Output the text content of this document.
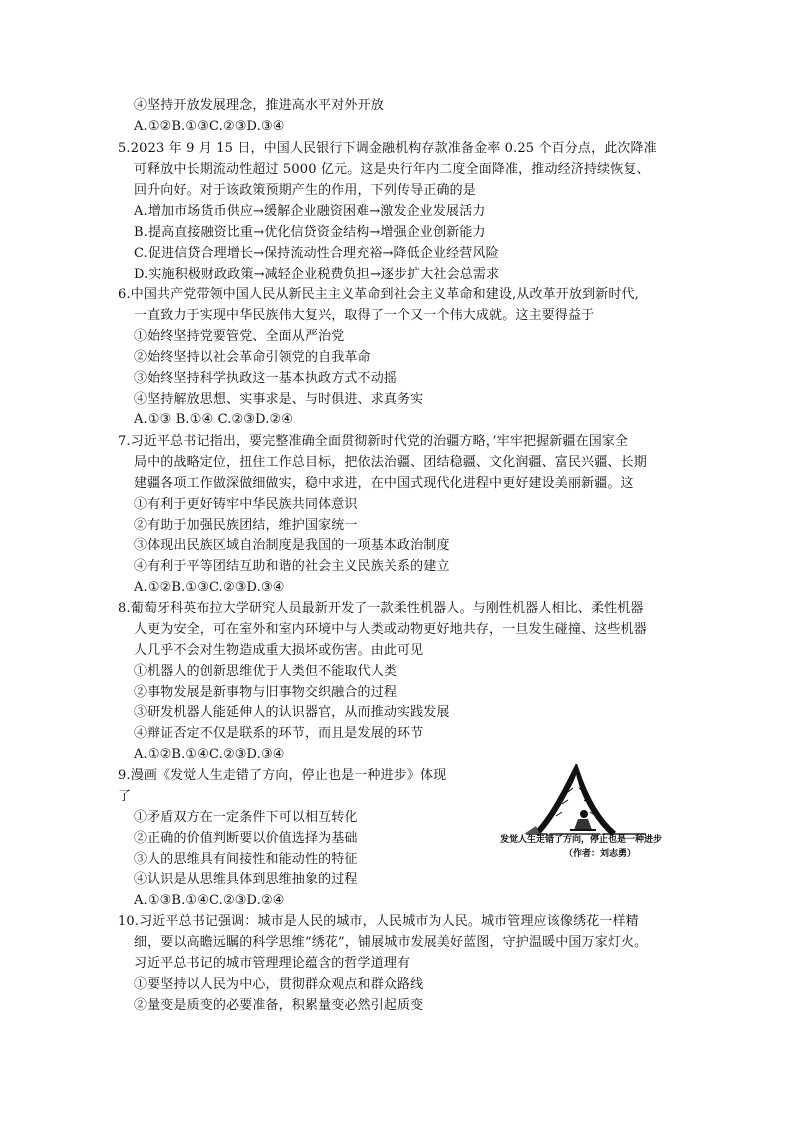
④坚持开放发展理念，推进高水平对外开放
A.①②B.①③C.②③D.③④
5.2023 年 9 月 15 日，中国人民银行下调金融机构存款准备金率 0.25 个百分点，此次降准
可释放中长期流动性超过 5000 亿元。这是央行年内二度全面降准，推动经济持续恢复、
回升向好。对于该政策预期产生的作用，下列传导正确的是
A.增加市场货币供应→缓解企业融资困难→激发企业发展活力
B.提高直接融资比重→优化信贷资金结构→增强企业创新能力
C.促进信贷合理增长→保持流动性合理充裕→降低企业经营风险
D.实施积极财政政策→减轻企业税费负担→逐步扩大社会总需求
6.中国共产党带领中国人民从新民主主义革命到社会主义革命和建设,从改革开放到新时代,
一直致力于实现中华民族伟大复兴，取得了一个又一个伟大成就。这主要得益于
①始终坚持党要管党、全面从严治党
②始终坚持以社会革命引领党的自我革命
③始终坚持科学执政这一基本执政方式不动摇
④坚持解放思想、实事求是、与时俱进、求真务实
A.①③ B.①④ C.②③D.②④
7.习近平总书记指出，要完整准确全面贯彻新时代党的治疆方略，’牢牢把握新疆在国家全
局中的战略定位，扭住工作总目标，把依法治疆、团结稳疆、文化润疆、富民兴疆、长期
建疆各项工作做深做细做实，稳中求进，在中国式现代化进程中更好建设美丽新疆。这
①有利于更好铸牢中华民族共同体意识
②有助于加强民族团结，维护国家统一
③体现出民族区域自治制度是我国的一项基本政治制度
④有利于平等团结互助和谐的社会主义民族关系的建立
A.①②B.①③C.②③D.③④
8.葡萄牙科英布拉大学研究人员最新开发了一款柔性机器人。与刚性机器人相比、柔性机器
人更为安全，可在室外和室内环境中与人类或动物更好地共存，一旦发生碰撞、这些机器
人几乎不会对生物造成重大损坏或伤害。由此可见
①机器人的创新思维优于人类但不能取代人类
②事物发展是新事物与旧事物交织融合的过程
③研发机器人能延伸人的认识器官，从而推动实践发展
④辩证否定不仅是联系的环节，而且是发展的环节
A.①②B.①④C.②③D.③④
9.漫画《发觉人生走错了方向，停止也是一种进步》体现
了
①矛盾双方在一定条件下可以相互转化
②正确的价值判断要以价值选择为基础
③人的思维具有间接性和能动性的特征
④认识是从思维具体到思维抽象的过程
A.①③B.①④C.②③D.②④
10.习近平总书记强调：城市是人民的城市，人民城市为人民。城市管理应该像绣花一样精
细，要以高瞻远瞩的科学思维“绣花”，铺展城市发展美好蓝图，守护温暖中国万家灯火。
习近平总书记的城市管理理论蕴含的哲学道理有
①要坚持以人民为中心，贯彻群众观点和群众路线
②量变是质变的必要准备，积累量变必然引起质变
发觉人生走错了方向，停止也是一种进步
（作者：刘志勇）
